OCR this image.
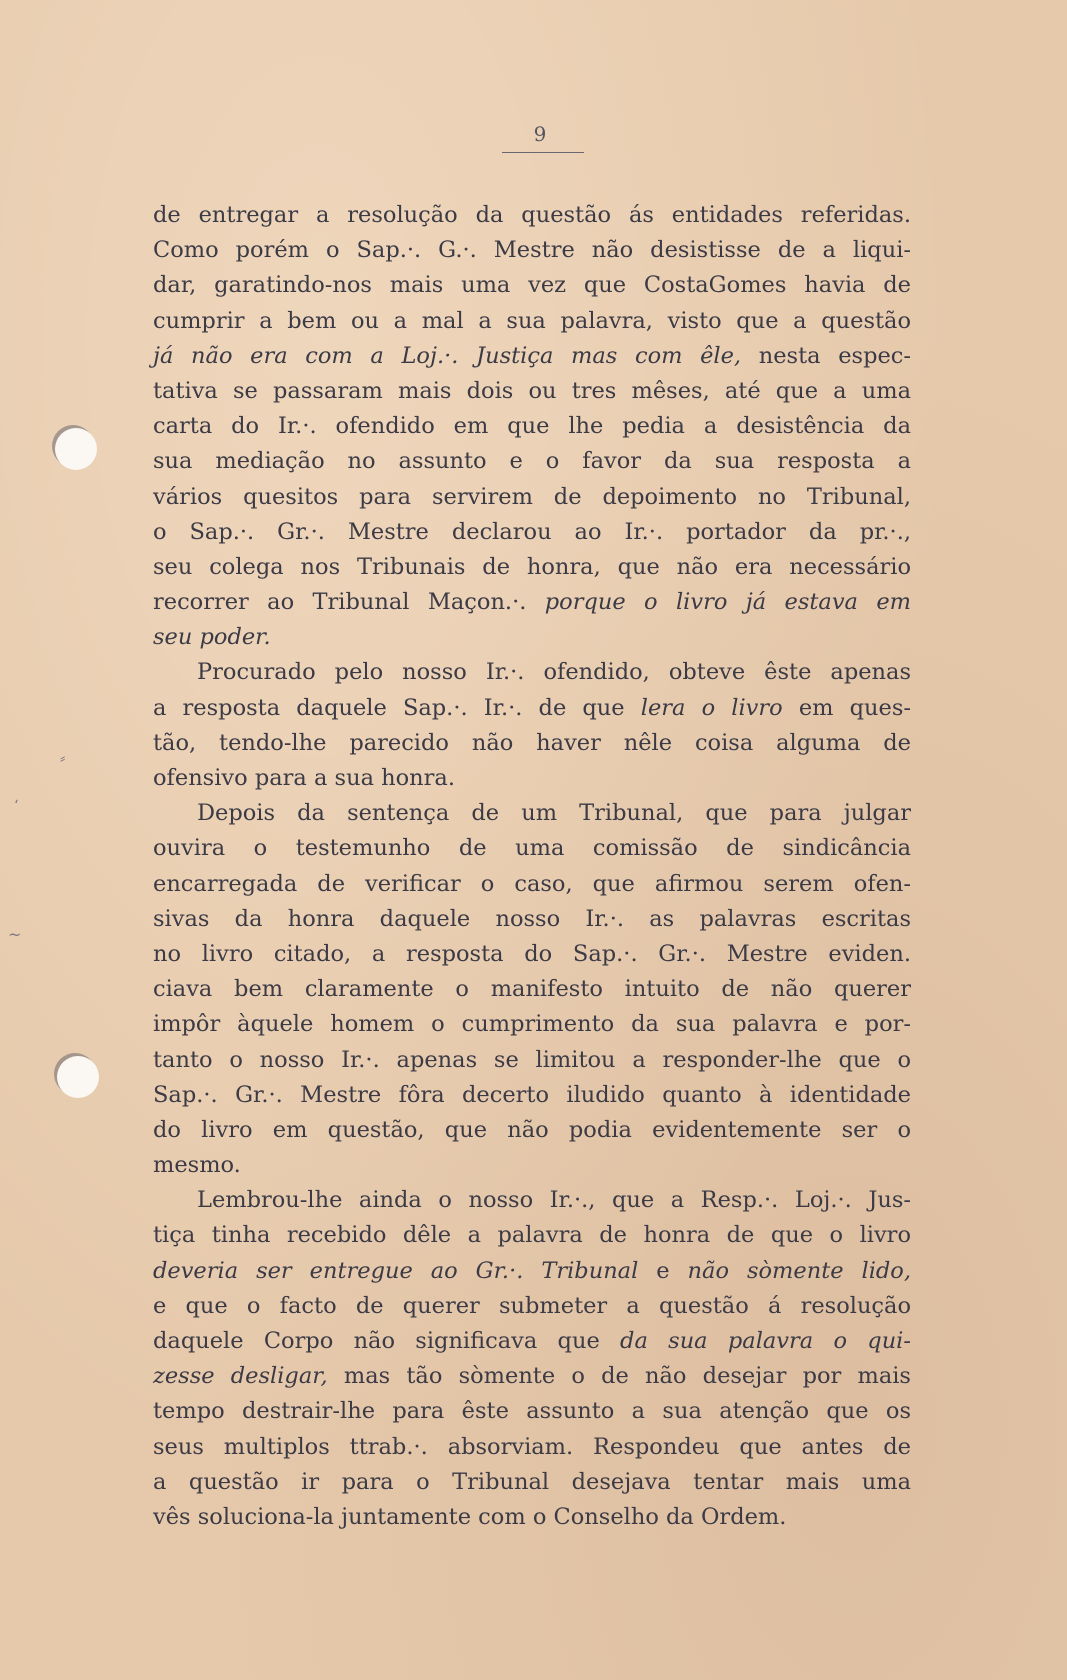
9
⸗
ʻ
~
de entregar a resolução da questão ás entidades referidas.
Como porém o Sap.·. G.·. Mestre não desistisse de a liqui-
dar, garatindo-nos mais uma vez que CostaGomes havia de
cumprir a bem ou a mal a sua palavra, visto que a questão
já não era com a Loj.·. Justiça mas com êle, nesta espec-
tativa se passaram mais dois ou tres mêses, até que a uma
carta do Ir.·. ofendido em que lhe pedia a desistência da
sua mediação no assunto e o favor da sua resposta a
vários quesitos para servirem de depoimento no Tribunal,
o Sap.·. Gr.·. Mestre declarou ao Ir.·. portador da pr.·.,
seu colega nos Tribunais de honra, que não era necessário
recorrer ao Tribunal Maçon.·. porque o livro já estava em
seu poder.
Procurado pelo nosso Ir.·. ofendido, obteve êste apenas
a resposta daquele Sap.·. Ir.·. de que lera o livro em ques-
tão, tendo-lhe parecido não haver nêle coisa alguma de
ofensivo para a sua honra.
Depois da sentença de um Tribunal, que para julgar
ouvira o testemunho de uma comissão de sindicância
encarregada de verificar o caso, que afirmou serem ofen-
sivas da honra daquele nosso Ir.·. as palavras escritas
no livro citado, a resposta do Sap.·. Gr.·. Mestre eviden.
ciava bem claramente o manifesto intuito de não querer
impôr àquele homem o cumprimento da sua palavra e por-
tanto o nosso Ir.·. apenas se limitou a responder-lhe que o
Sap.·. Gr.·. Mestre fôra decerto iludido quanto à identidade
do livro em questão, que não podia evidentemente ser o
mesmo.
Lembrou-lhe ainda o nosso Ir.·., que a Resp.·. Loj.·. Jus-
tiça tinha recebido dêle a palavra de honra de que o livro
deveria ser entregue ao Gr.·. Tribunal e não sòmente lido,
e que o facto de querer submeter a questão á resolução
daquele Corpo não significava que da sua palavra o qui-
zesse desligar, mas tão sòmente o de não desejar por mais
tempo destrair-lhe para êste assunto a sua atenção que os
seus multiplos ttrab.·. absorviam. Respondeu que antes de
a questão ir para o Tribunal desejava tentar mais uma
vês soluciona-la juntamente com o Conselho da Ordem.
